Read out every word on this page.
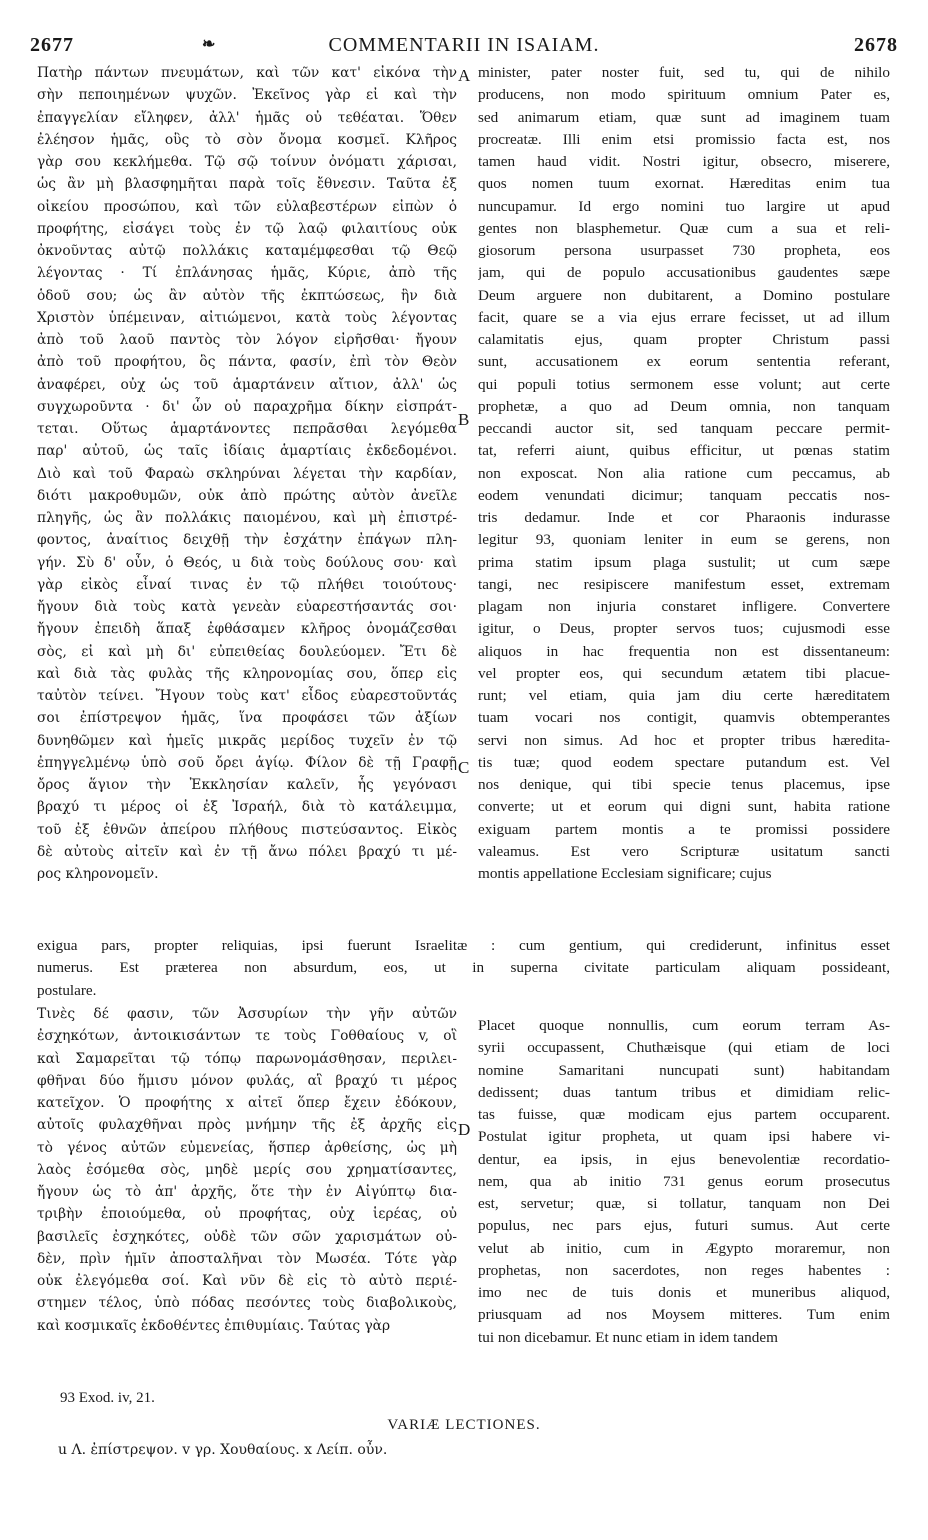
2677	❧	COMMENTARII IN ISAIAM.	2678
Πατὴρ πάντων πνευμάτων, καὶ τῶν κατ' εἰκόνα τὴν
σὴν πεποιημένων ψυχῶν. Ἐκεῖνος γὰρ εἰ καὶ τὴν
ἐπαγγελίαν εἴληφεν, ἀλλ' ἡμᾶς οὐ τεθέαται. Ὅθεν
ἐλέησον ἡμᾶς, οὓς τὸ σὸν ὄνομα κοσμεῖ. Κλῆρος
γὰρ σου κεκλήμεθα. Τῷ σῷ τοίνυν ὀνόματι χάρισαι,
ὡς ἂν μὴ βλασφημῆται παρὰ τοῖς ἔθνεσιν. Ταῦτα ἐξ
οἰκείου προσώπου, καὶ τῶν εὐλαβεστέρων εἰπὼν ὁ
προφήτης, εἰσάγει τοὺς ἐν τῷ λαῷ φιλαιτίους οὐκ
ὀκνοῦντας αὐτῷ πολλάκις καταμέμφεσθαι τῷ Θεῷ
λέγοντας · Τί ἐπλάνησας ἡμᾶς, Κύριε, ἀπὸ τῆς
ὁδοῦ σου; ὡς ἂν αὐτὸν τῆς ἐκπτώσεως, ἣν διὰ
Χριστὸν ὑπέμειναν, αἰτιώμενοι, κατὰ τοὺς λέγοντας
ἀπὸ τοῦ λαοῦ παντὸς τὸν λόγον εἰρῆσθαι· ἤγουν
ἀπὸ τοῦ προφήτου, ὃς πάντα, φασίν, ἐπὶ τὸν Θεὸν
ἀναφέρει, οὐχ ὡς τοῦ ἁμαρτάνειν αἴτιον, ἀλλ' ὡς
συγχωροῦντα · δι' ὧν οὐ παραχρῆμα δίκην εἰσπράτ-
τεται. Οὕτως ἁμαρτάνοντες πεπρᾶσθαι λεγόμεθα
παρ' αὐτοῦ, ὡς ταῖς ἰδίαις ἁμαρτίαις ἐκδεδομένοι.
Διὸ καὶ τοῦ Φαραὼ σκληρύναι λέγεται τὴν καρδίαν,
διότι μακροθυμῶν, οὐκ ἀπὸ πρώτης αὐτὸν ἀνεῖλε
πληγῆς, ὡς ἂν πολλάκις παιομένου, καὶ μὴ ἐπιστρέ-
φοντος, ἀναίτιος δειχθῇ τὴν ἐσχάτην ἐπάγων πλη-
γήν. Σὺ δ' οὖν, ὁ Θεός, u διὰ τοὺς δούλους σου· καὶ
γὰρ εἰκὸς εἶναί τινας ἐν τῷ πλήθει τοιούτους·
ἤγουν διὰ τοὺς κατὰ γενεὰν εὐαρεστήσαντάς σοι·
ἤγουν ἐπειδὴ ἅπαξ ἐφθάσαμεν κλῆρος ὀνομάζεσθαι
σὸς, εἰ καὶ μὴ δι' εὐπειθείας δουλεύομεν. Ἔτι δὲ
καὶ διὰ τὰς φυλὰς τῆς κληρονομίας σου, ὅπερ εἰς
ταὐτὸν τείνει. Ἤγουν τοὺς κατ' εἶδος εὐαρεστοῦντάς
σοι ἐπίστρεψον ἡμᾶς, ἵνα προφάσει τῶν ἀξίων
δυνηθῶμεν καὶ ἡμεῖς μικρᾶς μερίδος τυχεῖν ἐν τῷ
ἐπηγγελμένῳ ὑπὸ σοῦ ὄρει ἁγίῳ. Φίλον δὲ τῇ Γραφῇ
ὄρος ἅγιον τὴν Ἐκκλησίαν καλεῖν, ἧς γεγόνασι
βραχύ τι μέρος οἱ ἐξ Ἰσραήλ, διὰ τὸ κατάλειμμα,
τοῦ ἐξ ἐθνῶν ἀπείρου πλήθους πιστεύσαντος. Εἰκὸς
δὲ αὐτοὺς αἰτεῖν καὶ ἐν τῇ ἄνω πόλει βραχύ τι μέ-
ρος κληρονομεῖν.
minister, pater noster fuit, sed tu, qui de nihilo
producens, non modo spirituum omnium Pater es,
sed animarum etiam, quæ sunt ad imaginem tuam
procreatæ. Illi enim etsi promissio facta est, nos
tamen haud vidit. Nostri igitur, obsecro, miserere,
quos nomen tuum exornat. Hæreditas enim tua
nuncupamur. Id ergo nomini tuo largire ut apud
gentes non blasphemetur. Quæ cum a sua et reli-
giosorum persona usurpasset 730 propheta, eos
jam, qui de populo accusationibus gaudentes sæpe
Deum arguere non dubitarent, a Domino postulare
facit, quare se a via ejus errare fecisset, ut ad illum
calamitatis ejus, quam propter Christum passi
sunt, accusationem ex eorum sententia referant,
qui populi totius sermonem esse volunt; aut certe
prophetæ, a quo ad Deum omnia, non tanquam
peccandi auctor sit, sed tanquam peccare permit-
tat, referri aiunt, quibus efficitur, ut pœnas statim
non exposcat. Non alia ratione cum peccamus, ab
eodem venundati dicimur; tanquam peccatis nos-
tris dedamur. Inde et cor Pharaonis indurasse
legitur 93, quoniam leniter in eum se gerens, non
prima statim ipsum plaga sustulit; ut cum sæpe
tangi, nec resipiscere manifestum esset, extremam
plagam non injuria constaret infligere. Convertere
igitur, o Deus, propter servos tuos; cujusmodi esse
aliquos in hac frequentia non est dissentaneum:
vel propter eos, qui secundum ætatem tibi placue-
runt; vel etiam, quia jam diu certe hæreditatem
tuam vocari nos contigit, quamvis obtemperantes
servi non simus. Ad hoc et propter tribus hæredita-
tis tuæ; quod eodem spectare putandum est. Vel
nos denique, qui tibi specie tenus placemus, ipse
converte; ut et eorum qui digni sunt, habita ratione
exiguam partem montis a te promissi possidere
valeamus. Est vero Scripturæ usitatum sancti
montis appellatione Ecclesiam significare; cujus
A
B
C
D
exigua pars, propter reliquias, ipsi fuerunt Israelitæ : cum gentium, qui crediderunt, infinitus esset
numerus. Est præterea non absurdum, eos, ut in superna civitate particulam aliquam possideant,
postulare.
Τινὲς δέ φασιν, τῶν Ἀσσυρίων τὴν γῆν αὐτῶν
ἐσχηκότων, ἀντοικισάντων τε τοὺς Γοθθαίους v, οἳ
καὶ Σαμαρεῖται τῷ τόπῳ παρωνομάσθησαν, περιλει-
φθῆναι δύο ἥμισυ μόνον φυλάς, αἳ βραχύ τι μέρος
κατεῖχον. Ὁ προφήτης x αἰτεῖ ὅπερ ἔχειν ἐδόκουν,
αὐτοῖς φυλαχθῆναι πρὸς μνήμην τῆς ἐξ ἀρχῆς εἰς
τὸ γένος αὐτῶν εὐμενείας, ἥσπερ ἀρθείσης, ὡς μὴ
λαὸς ἐσόμεθα σὸς, μηδὲ μερίς σου χρηματίσαντες,
ἤγουν ὡς τὸ ἀπ' ἀρχῆς, ὅτε τὴν ἐν Αἰγύπτῳ δια-
τριβὴν ἐποιούμεθα, οὐ προφήτας, οὐχ ἱερέας, οὐ
βασιλεῖς ἐσχηκότες, οὐδὲ τῶν σῶν χαρισμάτων οὐ-
δὲν, πρὶν ἡμῖν ἀποσταλῆναι τὸν Μωσέα. Τότε γὰρ
οὐκ ἐλεγόμεθα σοί. Καὶ νῦν δὲ εἰς τὸ αὐτὸ περιέ-
στημεν τέλος, ὑπὸ πόδας πεσόντες τοὺς διαβολικοὺς,
καὶ κοσμικαῖς ἐκδοθέντες ἐπιθυμίαις. Ταύτας γὰρ
Placet quoque nonnullis, cum eorum terram As-
syrii occupassent, Chuthæisque (qui etiam de loci
nomine Samaritani nuncupati sunt) habitandam
dedissent; duas tantum tribus et dimidiam relic-
tas fuisse, quæ modicam ejus partem occuparent.
Postulat igitur propheta, ut quam ipsi habere vi-
dentur, ea ipsis, in ejus benevolentiæ recordatio-
nem, qua ab initio 731 genus eorum prosecutus
est, servetur; quæ, si tollatur, tanquam non Dei
populus, nec pars ejus, futuri sumus. Aut certe
velut ab initio, cum in Ægypto moraremur, non
prophetas, non sacerdotes, non reges habentes :
imo nec de tuis donis et muneribus aliquod,
priusquam ad nos Moysem mitteres. Tum enim
tui non dicebamur. Et nunc etiam in idem tandem
93 Exod. iv, 21.
VARIÆ LECTIONES.
u Λ. ἐπίστρεψον. v γρ. Χουθαίους. x Λείπ. οὖν.
